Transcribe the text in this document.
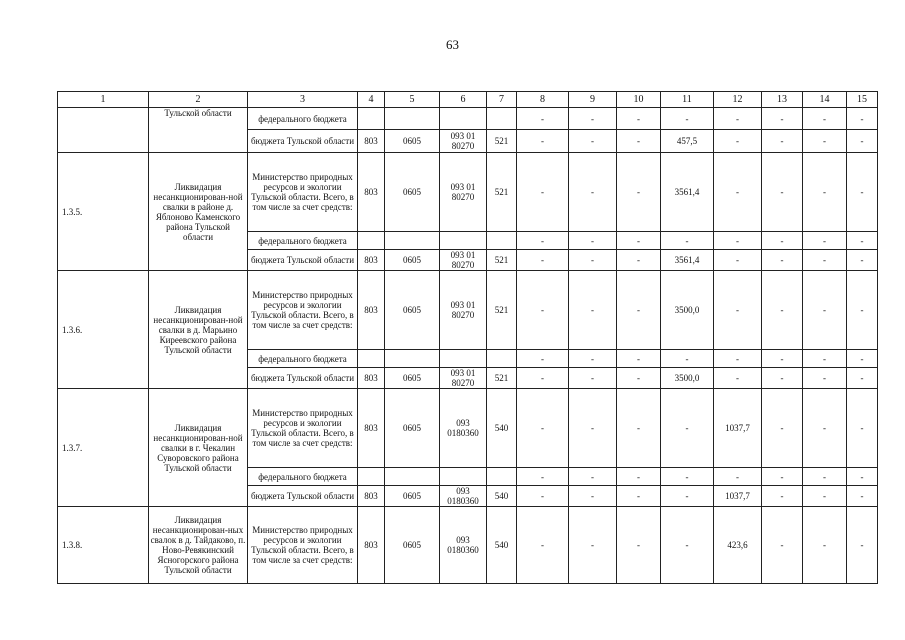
63
1	2	3	4	5	6	7	8	9	10	11	12	13	14	15
	Тульской области	федерального бюджета					-	-	-	-	-	-	-	-
		бюджета Тульской области	803	0605	093 01 80270	521	-	-	-	457,5	-	-	-	-
1.3.5.	Ликвидация несанкционирован-ной свалки в районе д. Яблоново Каменского района Тульской области	Министерство природных ресурсов и экологии Тульской области. Всего, в том числе за счет средств:	803	0605	093 01 80270	521	-	-	-	3561,4	-	-	-	-
		федерального бюджета					-	-	-	-	-	-	-	-
		бюджета Тульской области	803	0605	093 01 80270	521	-	-	-	3561,4	-	-	-	-
1.3.6.	Ликвидация несанкционирован-ной свалки в д. Марьино Киреевского района Тульской области	Министерство природных ресурсов и экологии Тульской области. Всего, в том числе за счет средств:	803	0605	093 01 80270	521	-	-	-	3500,0	-	-	-	-
		федерального бюджета					-	-	-	-	-	-	-	-
		бюджета Тульской области	803	0605	093 01 80270	521	-	-	-	3500,0	-	-	-	-
1.3.7.	Ликвидация несанкционирован-ной свалки в г. Чекалин Суворовского района Тульской области	Министерство природных ресурсов и экологии Тульской области. Всего, в том числе за счет средств:	803	0605	093 0180360	540	-	-	-	-	1037,7	-	-	-
		федерального бюджета					-	-	-	-	-	-	-	-
		бюджета Тульской области	803	0605	093 0180360	540	-	-	-	-	1037,7	-	-	-
1.3.8.	Ликвидация несанкционирован-ных свалок в д. Тайдаково, п. Ново-Ревякинский Ясногорского района Тульской области	Министерство природных ресурсов и экологии Тульской области. Всего, в том числе за счет средств:	803	0605	093 0180360	540	-	-	-	-	423,6	-	-	-
